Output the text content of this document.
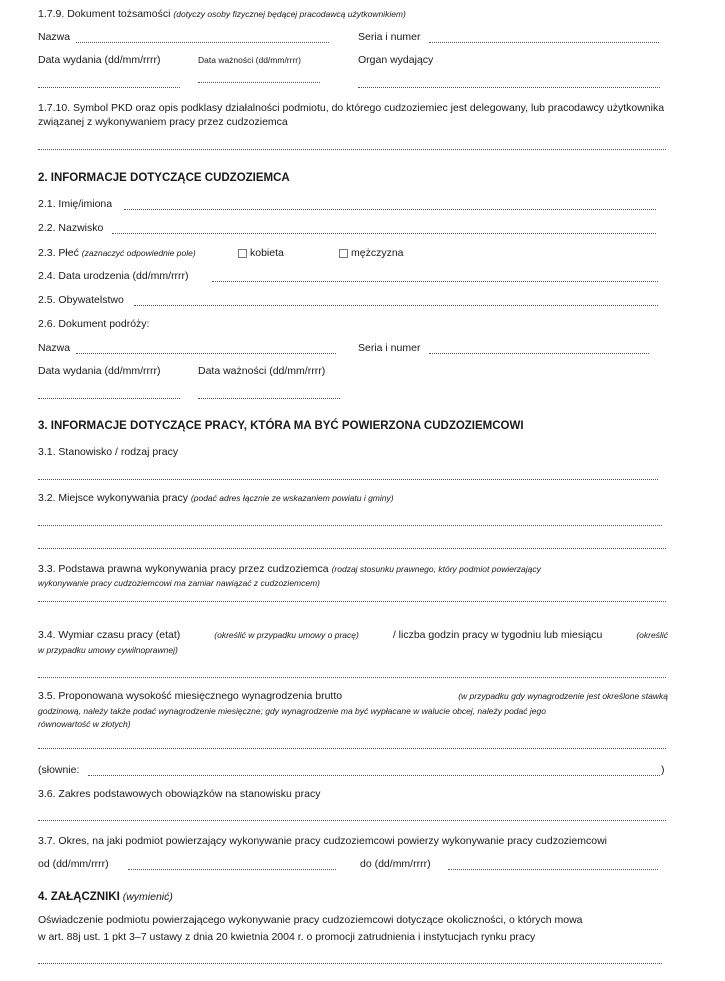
1.7.9. Dokument tożsamości (dotyczy osoby fizycznej będącej pracodawcą użytkownikiem)
Nazwa	Seria i numer
Data wydania (dd/mm/rrrr)	Data ważności (dd/mm/rrrr)	Organ wydający
1.7.10. Symbol PKD oraz opis podklasy działalności podmiotu, do którego cudzoziemiec jest delegowany, lub pracodawcy użytkownika związanej z wykonywaniem pracy przez cudzoziemca
2. INFORMACJE DOTYCZĄCE CUDZOZIEMCA
2.1. Imię/imiona
2.2. Nazwisko
2.3. Płeć (zaznaczyć odpowiednie pole)	kobieta	mężczyzna
2.4. Data urodzenia (dd/mm/rrrr)
2.5. Obywatelstwo
2.6. Dokument podróży:
Nazwa	Seria i numer
Data wydania (dd/mm/rrrr)	Data ważności (dd/mm/rrrr)
3. INFORMACJE DOTYCZĄCE PRACY, KTÓRA MA BYĆ POWIERZONA CUDZOZIEMCOWI
3.1. Stanowisko / rodzaj pracy
3.2. Miejsce wykonywania pracy (podać adres łącznie ze wskazaniem powiatu i gminy)
3.3. Podstawa prawna wykonywania pracy przez cudzoziemca (rodzaj stosunku prawnego, który podmiot powierzający
wykonywanie pracy cudzoziemcowi ma zamiar nawiązać z cudzoziemcem)
3.4. Wymiar czasu pracy (etat)	(określić w przypadku umowy o pracę)	/ liczba godzin pracy w tygodniu lub miesiącu	(określić
w przypadku umowy cywilnoprawnej)
3.5. Proponowana wysokość miesięcznego wynagrodzenia brutto	(w przypadku gdy wynagrodzenie jest określone stawką
godzinową, należy także podać wynagrodzenie miesięczne; gdy wynagrodzenie ma być wypłacane w walucie obcej, należy podać jego
równowartość w złotych)
(słownie:	)
3.6. Zakres podstawowych obowiązków na stanowisku pracy
3.7. Okres, na jaki podmiot powierzający wykonywanie pracy cudzoziemcowi powierzy wykonywanie pracy cudzoziemcowi
od (dd/mm/rrrr)	do (dd/mm/rrrr)
4. ZAŁĄCZNIKI (wymienić)
Oświadczenie podmiotu powierzającego wykonywanie pracy cudzoziemcowi dotyczące okoliczności, o których mowa
w art. 88j ust. 1 pkt 3–7 ustawy z dnia 20 kwietnia 2004 r. o promocji zatrudnienia i instytucjach rynku pracy
